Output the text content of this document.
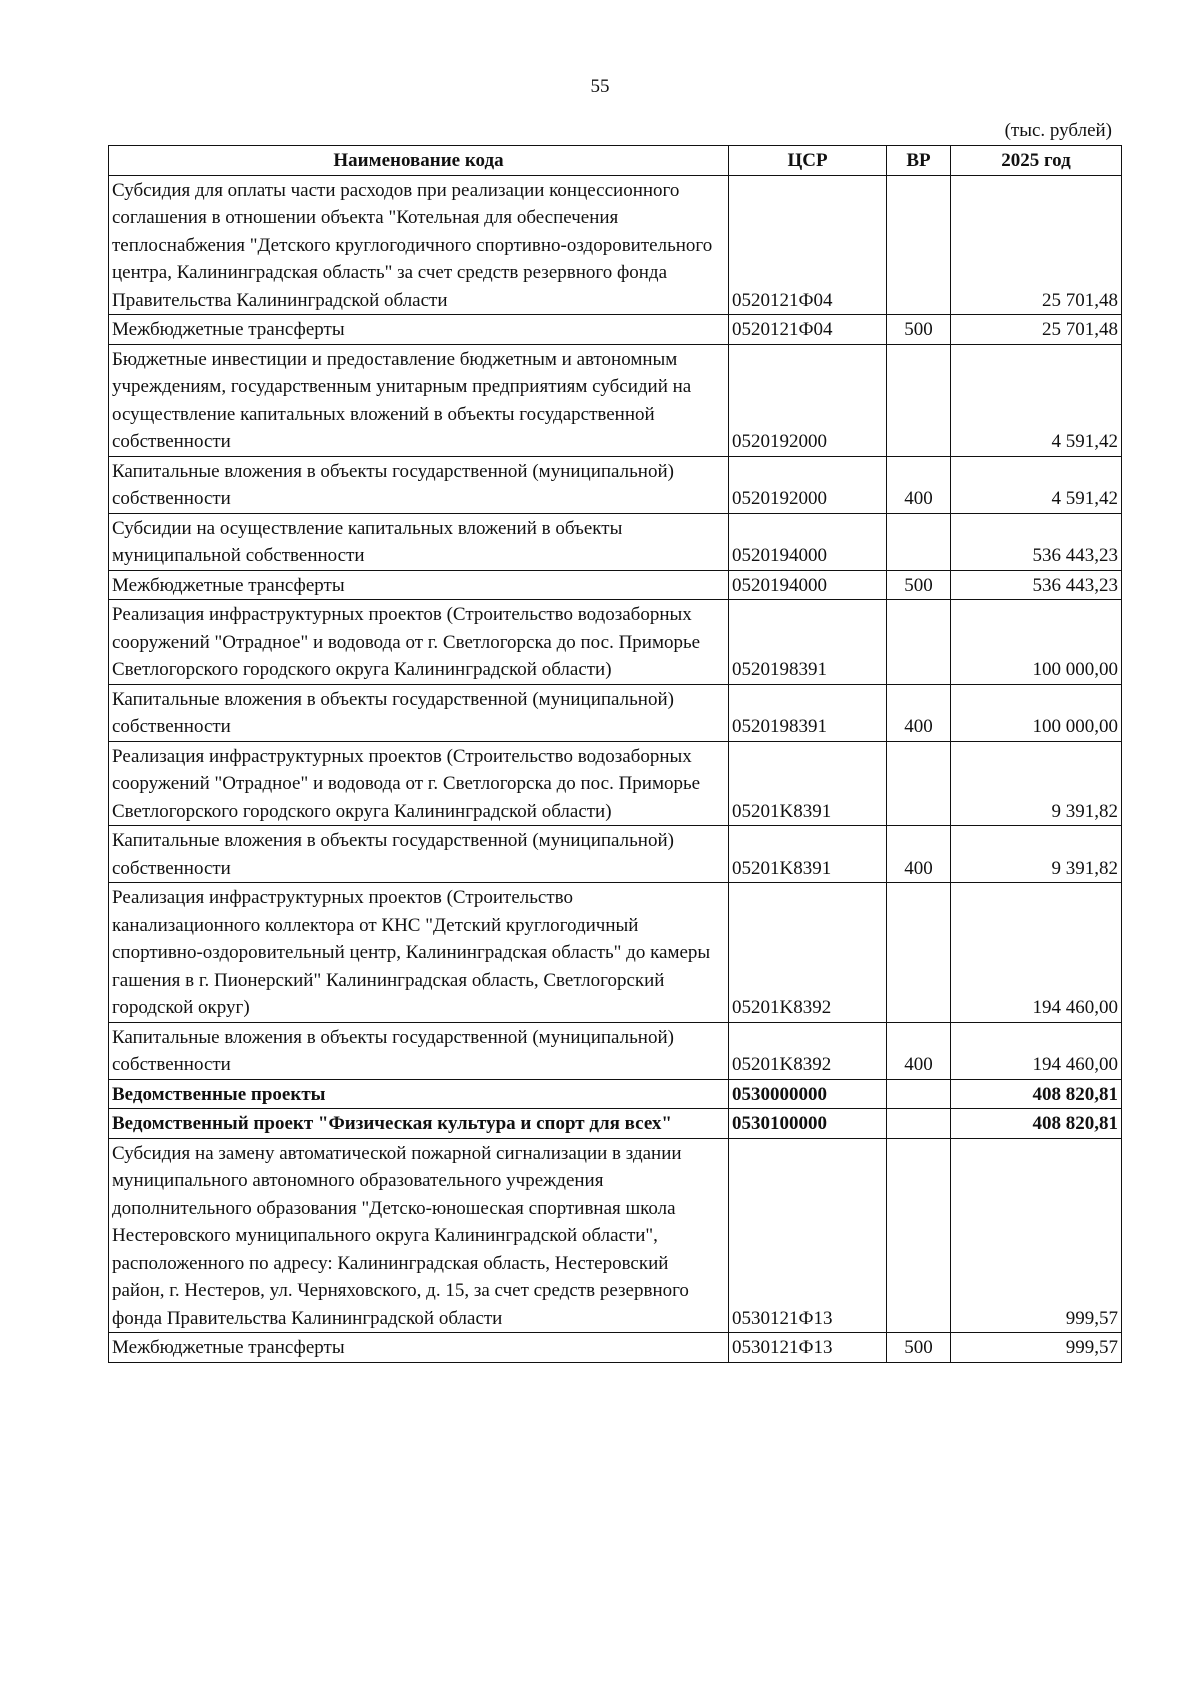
55
(тыс. рублей)
Наименование кода	ЦСР	ВР	2025 год
Субсидия для оплаты части расходов при реализации концессионного соглашения в отношении объекта "Котельная для обеспечения теплоснабжения "Детского круглогодичного спортивно-оздоровительного центра, Калининградская область" за счет средств резервного фонда Правительства Калининградской области	0520121Ф04		25 701,48
Межбюджетные трансферты	0520121Ф04	500	25 701,48
Бюджетные инвестиции и предоставление бюджетным и автономным учреждениям, государственным унитарным предприятиям субсидий на осуществление капитальных вложений в объекты государственной собственности	0520192000		4 591,42
Капитальные вложения в объекты государственной (муниципальной) собственности	0520192000	400	4 591,42
Субсидии на осуществление капитальных вложений в объекты муниципальной собственности	0520194000		536 443,23
Межбюджетные трансферты	0520194000	500	536 443,23
Реализация инфраструктурных проектов (Строительство водозаборных сооружений "Отрадное" и водовода от г. Светлогорска до пос. Приморье Светлогорского городского округа Калининградской области)	0520198391		100 000,00
Капитальные вложения в объекты государственной (муниципальной) собственности	0520198391	400	100 000,00
Реализация инфраструктурных проектов (Строительство водозаборных сооружений "Отрадное" и водовода от г. Светлогорска до пос. Приморье Светлогорского городского округа Калининградской области)	05201K8391		9 391,82
Капитальные вложения в объекты государственной (муниципальной) собственности	05201K8391	400	9 391,82
Реализация инфраструктурных проектов (Строительство канализационного коллектора от КНС "Детский круглогодичный спортивно-оздоровительный центр, Калининградская область" до камеры гашения в г. Пионерский" Калининградская область, Светлогорский городской округ)	05201K8392		194 460,00
Капитальные вложения в объекты государственной (муниципальной) собственности	05201K8392	400	194 460,00
Ведомственные проекты	0530000000		408 820,81
Ведомственный проект "Физическая культура и спорт для всех"	0530100000		408 820,81
Субсидия на замену автоматической пожарной сигнализации в здании муниципального автономного образовательного учреждения дополнительного образования "Детско-юношеская спортивная школа Нестеровского муниципального округа Калининградской области", расположенного по адресу: Калининградская область, Нестеровский район, г. Нестеров, ул. Черняховского, д. 15, за счет средств резервного фонда Правительства Калининградской области	0530121Ф13		999,57
Межбюджетные трансферты	0530121Ф13	500	999,57
